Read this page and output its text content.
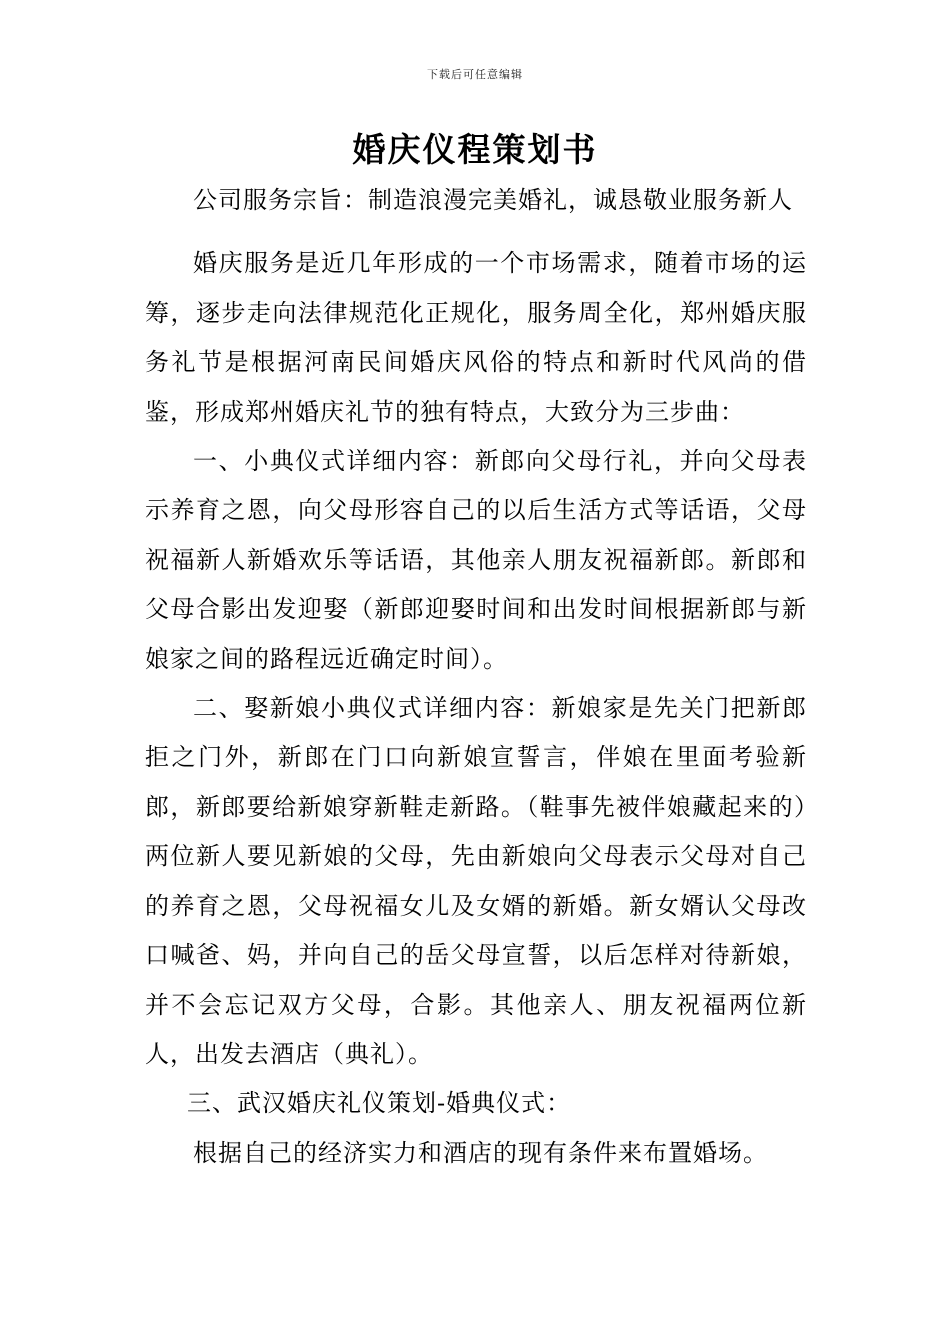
下载后可任意编辑
婚庆仪程策划书

公司服务宗旨：制造浪漫完美婚礼，诚恳敬业服务新人

婚庆服务是近几年形成的一个市场需求，随着市场的运筹，逐步走向法律规范化正规化，服务周全化，郑州婚庆服务礼节是根据河南民间婚庆风俗的特点和新时代风尚的借鉴，形成郑州婚庆礼节的独有特点，大致分为三步曲：

一、小典仪式详细内容：新郎向父母行礼，并向父母表示养育之恩，向父母形容自己的以后生活方式等话语，父母祝福新人新婚欢乐等话语，其他亲人朋友祝福新郎。新郎和父母合影出发迎娶（新郎迎娶时间和出发时间根据新郎与新娘家之间的路程远近确定时间）。

二、娶新娘小典仪式详细内容：新娘家是先关门把新郎拒之门外，新郎在门口向新娘宣誓言，伴娘在里面考验新郎，新郎要给新娘穿新鞋走新路。（鞋事先被伴娘藏起来的）两位新人要见新娘的父母，先由新娘向父母表示父母对自己的养育之恩，父母祝福女儿及女婿的新婚。新女婿认父母改口喊爸、妈，并向自己的岳父母宣誓，以后怎样对待新娘，并不会忘记双方父母，合影。其他亲人、朋友祝福两位新人，出发去酒店（典礼）。

三、武汉婚庆礼仪策划-婚典仪式：

根据自己的经济实力和酒店的现有条件来布置婚场。
